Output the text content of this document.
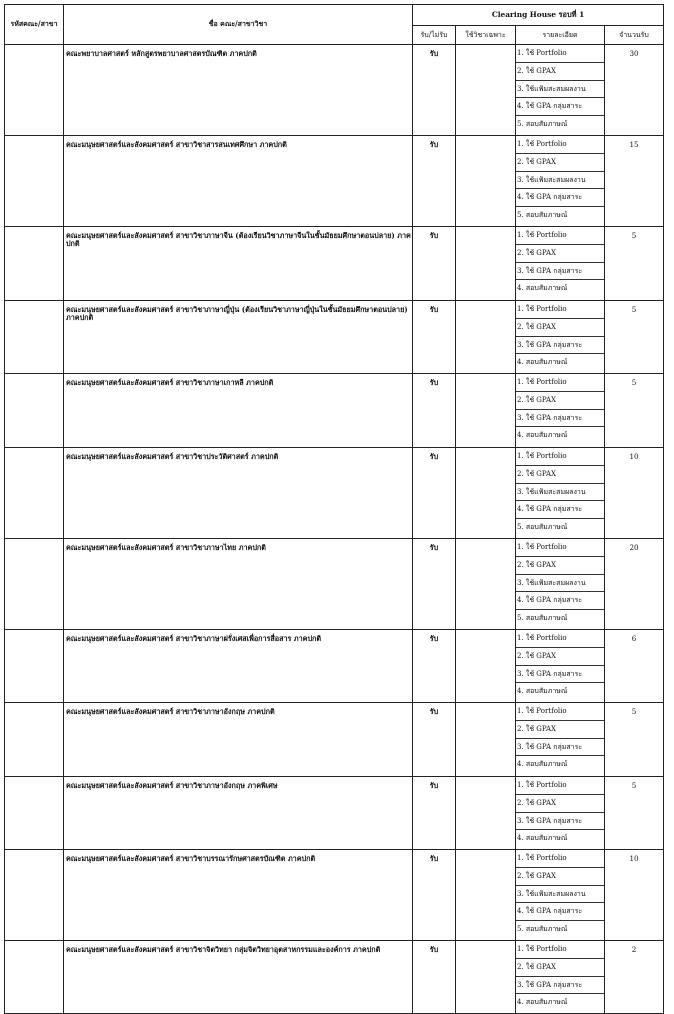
รหัสคณะ/สาขา	ชื่อ คณะ/สาขาวิชา	Clearing House รอบที่ 1			
		รับ/ไม่รับ	ใช้วิชาเฉพาะ	รายละเอียด	จำนวนรับ
	คณะพยาบาลศาสตร์ หลักสูตรพยาบาลศาสตรบัณฑิต ภาคปกติ	รับ		1. ใช้ Portfolio
2. ใช้ GPAX
3. ใช้แฟ้มสะสมผลงาน
4. ใช้ GPA กลุ่มสาระ
5. สอบสัมภาษณ์	30
	คณะมนุษยศาสตร์และสังคมศาสตร์ สาขาวิชาสารสนเทศศึกษา ภาคปกติ	รับ		1. ใช้ Portfolio
2. ใช้ GPAX
3. ใช้แฟ้มสะสมผลงาน
4. ใช้ GPA กลุ่มสาระ
5. สอบสัมภาษณ์	15
	คณะมนุษยศาสตร์และสังคมศาสตร์ สาขาวิชาภาษาจีน (ต้องเรียนวิชาภาษาจีนในชั้นมัธยมศึกษาตอนปลาย) ภาคปกติ	รับ		1. ใช้ Portfolio
2. ใช้ GPAX
3. ใช้ GPA กลุ่มสาระ
4. สอบสัมภาษณ์	5
	คณะมนุษยศาสตร์และสังคมศาสตร์ สาขาวิชาภาษาญี่ปุ่น (ต้องเรียนวิชาภาษาญี่ปุ่นในชั้นมัธยมศึกษาตอนปลาย) ภาคปกติ	รับ		1. ใช้ Portfolio
2. ใช้ GPAX
3. ใช้ GPA กลุ่มสาระ
4. สอบสัมภาษณ์	5
	คณะมนุษยศาสตร์และสังคมศาสตร์ สาขาวิชาภาษาเกาหลี ภาคปกติ	รับ		1. ใช้ Portfolio
2. ใช้ GPAX
3. ใช้ GPA กลุ่มสาระ
4. สอบสัมภาษณ์	5
	คณะมนุษยศาสตร์และสังคมศาสตร์ สาขาวิชาประวัติศาสตร์ ภาคปกติ	รับ		1. ใช้ Portfolio
2. ใช้ GPAX
3. ใช้แฟ้มสะสมผลงาน
4. ใช้ GPA กลุ่มสาระ
5. สอบสัมภาษณ์	10
	คณะมนุษยศาสตร์และสังคมศาสตร์ สาขาวิชาภาษาไทย ภาคปกติ	รับ		1. ใช้ Portfolio
2. ใช้ GPAX
3. ใช้แฟ้มสะสมผลงาน
4. ใช้ GPA กลุ่มสาระ
5. สอบสัมภาษณ์	20
	คณะมนุษยศาสตร์และสังคมศาสตร์ สาขาวิชาภาษาฝรั่งเศสเพื่อการสื่อสาร ภาคปกติ	รับ		1. ใช้ Portfolio
2. ใช้ GPAX
3. ใช้ GPA กลุ่มสาระ
4. สอบสัมภาษณ์	6
	คณะมนุษยศาสตร์และสังคมศาสตร์ สาขาวิชาภาษาอังกฤษ ภาคปกติ	รับ		1. ใช้ Portfolio
2. ใช้ GPAX
3. ใช้ GPA กลุ่มสาระ
4. สอบสัมภาษณ์	5
	คณะมนุษยศาสตร์และสังคมศาสตร์ สาขาวิชาภาษาอังกฤษ ภาคพิเศษ	รับ		1. ใช้ Portfolio
2. ใช้ GPAX
3. ใช้ GPA กลุ่มสาระ
4. สอบสัมภาษณ์	5
	คณะมนุษยศาสตร์และสังคมศาสตร์ สาขาวิชาบรรณารักษศาสตรบัณฑิต ภาคปกติ	รับ		1. ใช้ Portfolio
2. ใช้ GPAX
3. ใช้แฟ้มสะสมผลงาน
4. ใช้ GPA กลุ่มสาระ
5. สอบสัมภาษณ์	10
	คณะมนุษยศาสตร์และสังคมศาสตร์ สาขาวิชาจิตวิทยา กลุ่มจิตวิทยาอุตสาหกรรมและองค์การ ภาคปกติ	รับ		1. ใช้ Portfolio
2. ใช้ GPAX
3. ใช้ GPA กลุ่มสาระ
4. สอบสัมภาษณ์	2
